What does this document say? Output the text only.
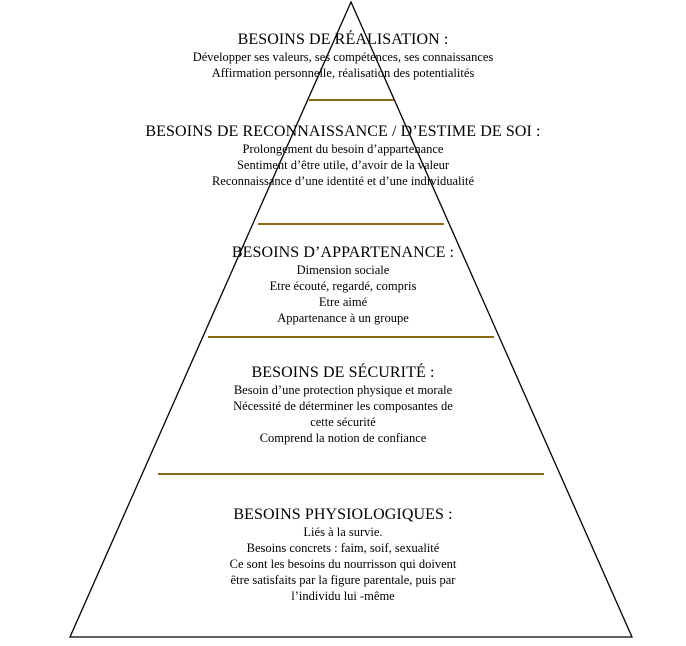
BESOINS DE RÉALISATION :
Développer ses valeurs, ses compétences, ses connaissances
Affirmation personnelle, réalisation des potentialités
BESOINS DE RECONNAISSANCE / D’ESTIME DE SOI :
Prolongement du besoin d’appartenance
Sentiment d’être utile, d’avoir de la valeur
Reconnaissance d’une identité et d’une individualité
BESOINS D’APPARTENANCE :
Dimension sociale
Etre écouté, regardé, compris
Etre aimé
Appartenance à un groupe
BESOINS DE SÉCURITÉ :
Besoin d’une protection physique et morale
Nécessité de déterminer les composantes de
cette sécurité
Comprend la notion de confiance
BESOINS PHYSIOLOGIQUES :
Liés à la survie.
Besoins concrets : faim, soif, sexualité
Ce sont les besoins du nourrisson qui doivent
être satisfaits par la figure parentale, puis par
l’individu lui -même
